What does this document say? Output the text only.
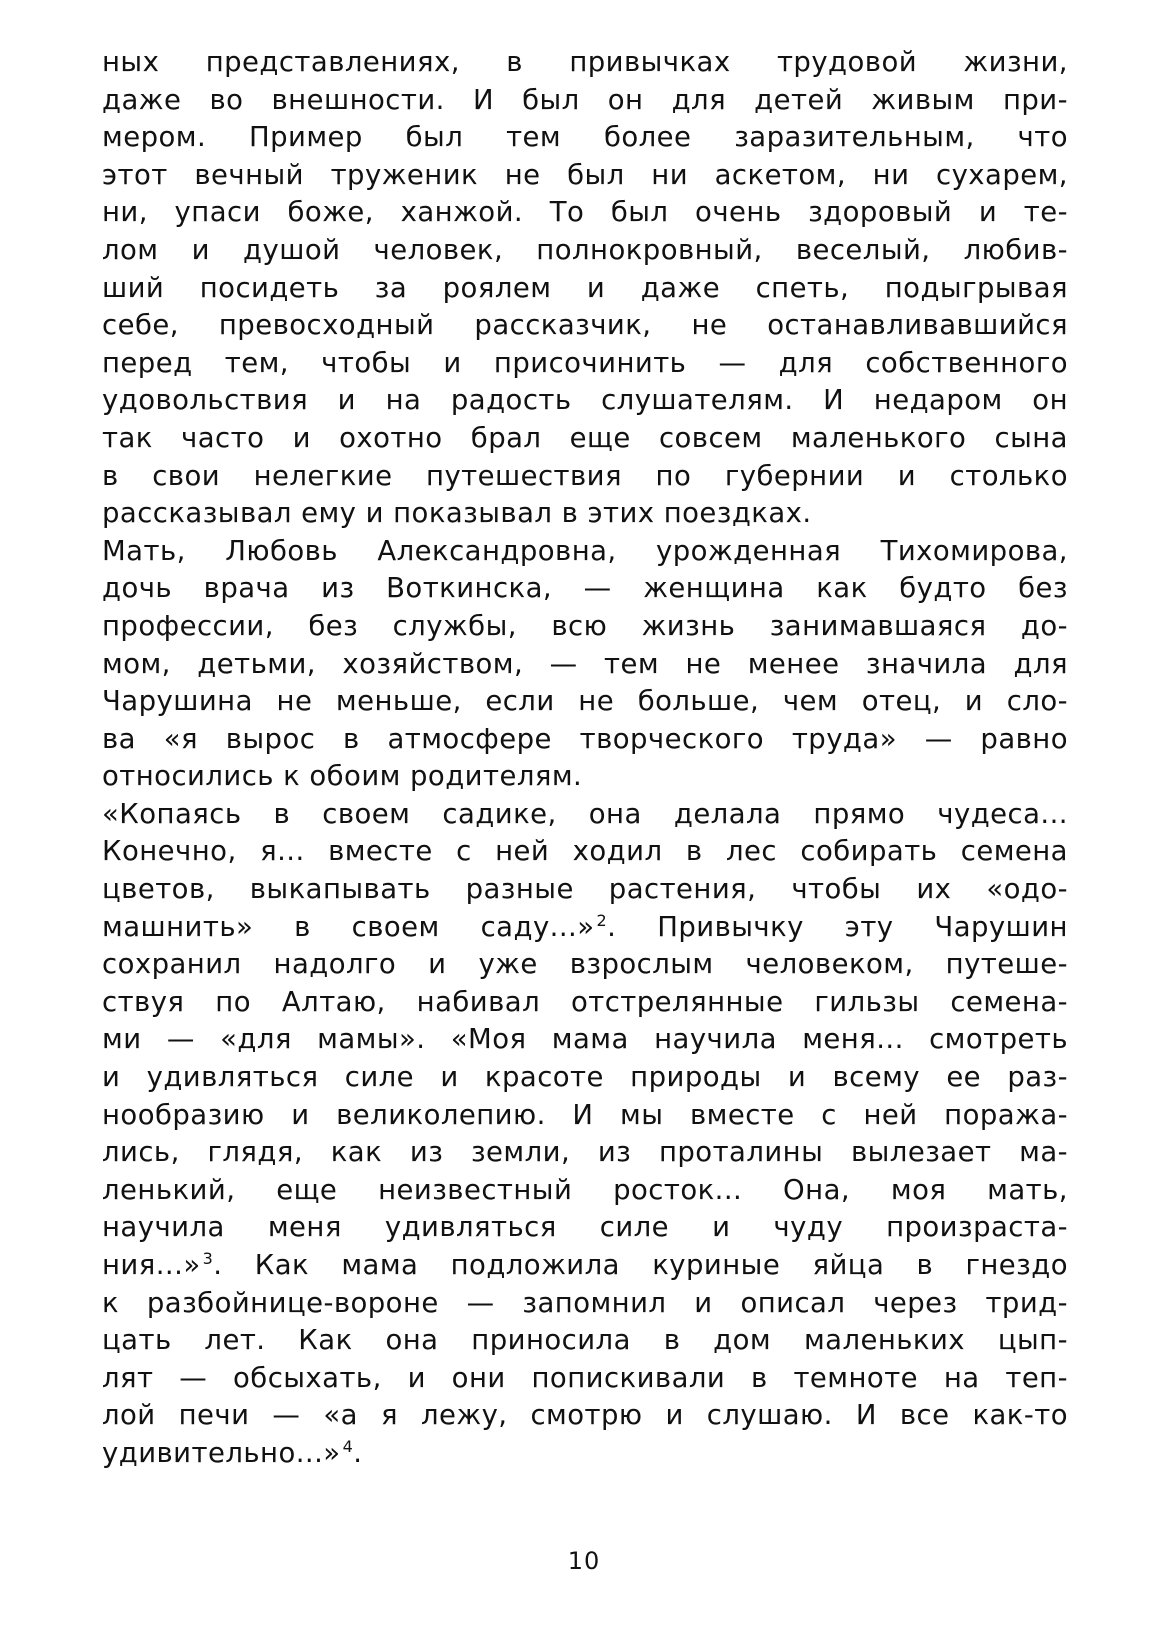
ных представлениях, в привычках трудовой жизни,
даже во внешности. И был он для детей живым при-
мером. Пример был тем более заразительным, что
этот вечный труженик не был ни аскетом, ни сухарем,
ни, упаси боже, ханжой. То был очень здоровый и те-
лом и душой человек, полнокровный, веселый, любив-
ший посидеть за роялем и даже спеть, подыгрывая
себе, превосходный рассказчик, не останавливавшийся
перед тем, чтобы и присочинить — для собственного
удовольствия и на радость слушателям. И недаром он
так часто и охотно брал еще совсем маленького сына
в свои нелегкие путешествия по губернии и столько
рассказывал ему и показывал в этих поездках.
Мать, Любовь Александровна, урожденная Тихомирова,
дочь врача из Воткинска, — женщина как будто без
профессии, без службы, всю жизнь занимавшаяся до-
мом, детьми, хозяйством, — тем не менее значила для
Чарушина не меньше, если не больше, чем отец, и сло-
ва «я вырос в атмосфере творческого труда» — равно
относились к обоим родителям.
«Копаясь в своем садике, она делала прямо чудеса...
Конечно, я... вместе с ней ходил в лес собирать семена
цветов, выкапывать разные растения, чтобы их «одо-
машнить» в своем саду...» $^2$. Привычку эту Чарушин
сохранил надолго и уже взрослым человеком, путеше-
ствуя по Алтаю, набивал отстрелянные гильзы семена-
ми — «для мамы». «Моя мама научила меня... смотреть
и удивляться силе и красоте природы и всему ее раз-
нообразию и великолепию. И мы вместе с ней поража-
лись, глядя, как из земли, из проталины вылезает ма-
ленький, еще неизвестный росток... Она, моя мать,
научила меня удивляться силе и чуду произраста-
ния...» $^3$. Как мама подложила куриные яйца в гнездо
к разбойнице-вороне — запомнил и описал через трид-
цать лет. Как она приносила в дом маленьких цып-
лят — обсыхать, и они попискивали в темноте на теп-
лой печи — «а я лежу, смотрю и слушаю. И все как-то
удивительно...» $^4$.
10
